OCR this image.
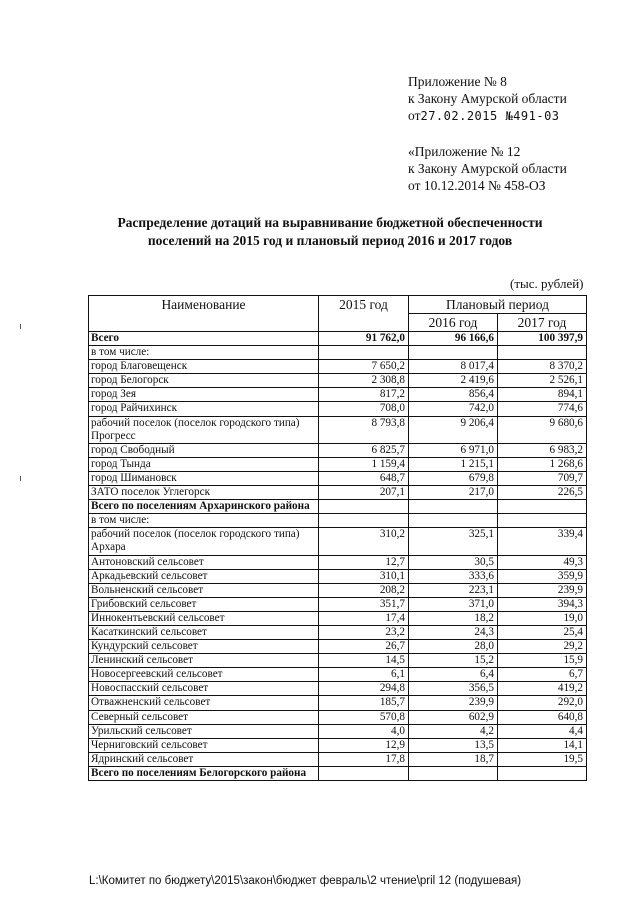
Приложение № 8
к Закону Амурской области
от27.02.2015 №491-03
«Приложение № 12
к Закону Амурской области
от 10.12.2014 № 458-ОЗ
Распределение дотаций на выравнивание бюджетной обеспеченности
поселений на 2015 год и плановый период 2016 и 2017 годов
(тыс. рублей)
Наименование	2015 год	Плановый период	
		2016 год	2017 год
Всего	91 762,0	96 166,6	100 397,9
в том числе:			
город Благовещенск	7 650,2	8 017,4	8 370,2
город Белогорск	2 308,8	2 419,6	2 526,1
город Зея	817,2	856,4	894,1
город Райчихинск	708,0	742,0	774,6
рабочий поселок (поселок городского типа) Прогресс	8 793,8	9 206,4	9 680,6
город Свободный	6 825,7	6 971,0	6 983,2
город Тында	1 159,4	1 215,1	1 268,6
город Шимановск	648,7	679,8	709,7
ЗАТО поселок Углегорск	207,1	217,0	226,5
Всего по поселениям Архаринского района			
в том числе:			
рабочий поселок (поселок городского типа) Архара	310,2	325,1	339,4
Антоновский сельсовет	12,7	30,5	49,3
Аркадьевский сельсовет	310,1	333,6	359,9
Вольненский сельсовет	208,2	223,1	239,9
Грибовский сельсовет	351,7	371,0	394,3
Иннокентьевский сельсовет	17,4	18,2	19,0
Касаткинский сельсовет	23,2	24,3	25,4
Кундурский сельсовет	26,7	28,0	29,2
Ленинский сельсовет	14,5	15,2	15,9
Новосергеевский сельсовет	6,1	6,4	6,7
Новоспасский сельсовет	294,8	356,5	419,2
Отважненский сельсовет	185,7	239,9	292,0
Северный сельсовет	570,8	602,9	640,8
Урильский сельсовет	4,0	4,2	4,4
Черниговский сельсовет	12,9	13,5	14,1
Ядринский сельсовет	17,8	18,7	19,5
Всего по поселениям Белогорского района			
L:\Комитет по бюджету\2015\закон\бюджет февраль\2 чтение\pril 12 (подушевая)
